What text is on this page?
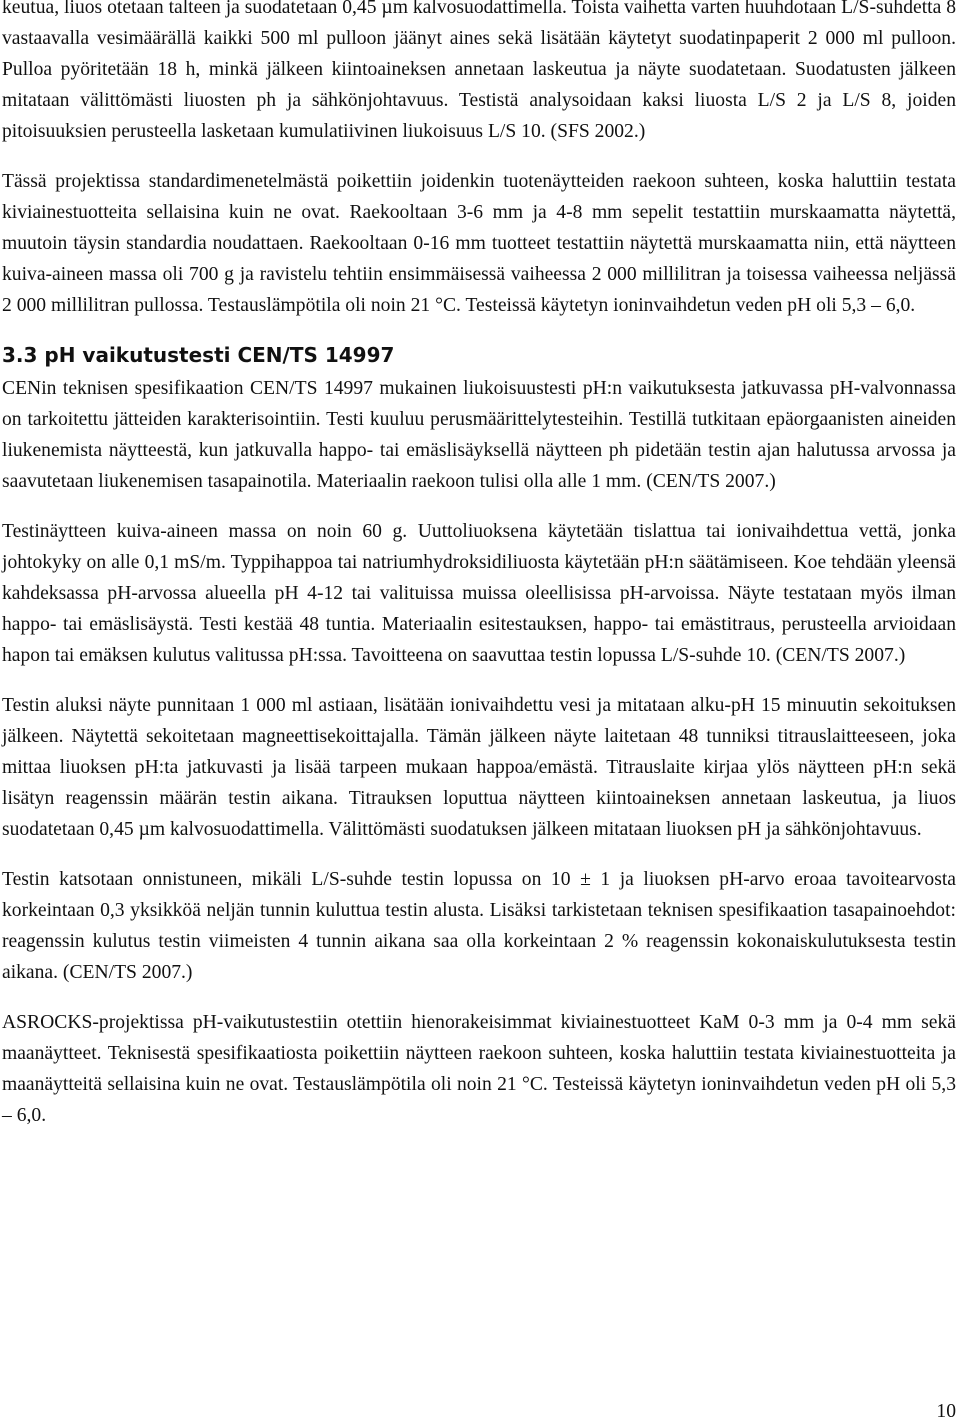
keutua, liuos otetaan talteen ja suodatetaan 0,45 µm kalvosuodattimella. Toista vaihetta varten huuhdotaan L/S-suhdetta 8 vastaavalla vesimäärällä kaikki 500 ml pulloon jäänyt aines sekä lisätään käytetyt suodatinpaperit 2 000 ml pulloon. Pulloa pyöritetään 18 h, minkä jälkeen kiintoaineksen annetaan laskeutua ja näyte suodatetaan. Suodatusten jälkeen mitataan välittömästi liuosten ph ja sähkönjohtavuus. Testistä analysoidaan kaksi liuosta L/S 2 ja L/S 8, joiden pitoisuuksien perusteella lasketaan kumulatiivinen liukoisuus L/S 10. (SFS 2002.)

Tässä projektissa standardimenetelmästä poikettiin joidenkin tuotenäytteiden raekoon suhteen, koska haluttiin testata kiviainestuotteita sellaisina kuin ne ovat. Raekooltaan 3-6 mm ja 4-8 mm sepelit testattiin murskaamatta näytettä, muutoin täysin standardia noudattaen. Raekooltaan 0-16 mm tuotteet testattiin näytettä murskaamatta niin, että näytteen kuiva-aineen massa oli 700 g ja ravistelu tehtiin ensimmäisessä vaiheessa 2 000 millilitran ja toisessa vaiheessa neljässä 2 000 millilitran pullossa. Testauslämpötila oli noin 21 °C. Testeissä käytetyn ioninvaihdetun veden pH oli 5,3 – 6,0.

3.3 pH vaikutustesti CEN/TS 14997

CENin teknisen spesifikaation CEN/TS 14997 mukainen liukoisuustesti pH:n vaikutuksesta jatkuvassa pH-valvonnassa on tarkoitettu jätteiden karakterisointiin. Testi kuuluu perusmäärittelytesteihin. Testillä tutkitaan epäorgaanisten aineiden liukenemista näytteestä, kun jatkuvalla happo- tai emäslisäyksellä näytteen ph pidetään testin ajan halutussa arvossa ja saavutetaan liukenemisen tasapainotila. Materiaalin raekoon tulisi olla alle 1 mm. (CEN/TS 2007.)

Testinäytteen kuiva-aineen massa on noin 60 g. Uuttoliuoksena käytetään tislattua tai ionivaihdettua vettä, jonka johtokyky on alle 0,1 mS/m. Typpihappoa tai natriumhydroksidiliuosta käytetään pH:n säätämiseen. Koe tehdään yleensä kahdeksassa pH-arvossa alueella pH 4-12 tai valituissa muissa oleellisissa pH-arvoissa. Näyte testataan myös ilman happo- tai emäslisäystä. Testi kestää 48 tuntia. Materiaalin esitestauksen, happo- tai emästitraus, perusteella arvioidaan hapon tai emäksen kulutus valitussa pH:ssa. Tavoitteena on saavuttaa testin lopussa L/S-suhde 10. (CEN/TS 2007.)

Testin aluksi näyte punnitaan 1 000 ml astiaan, lisätään ionivaihdettu vesi ja mitataan alku-pH 15 minuutin sekoituksen jälkeen. Näytettä sekoitetaan magneettisekoittajalla. Tämän jälkeen näyte laitetaan 48 tunniksi titrauslaitteeseen, joka mittaa liuoksen pH:ta jatkuvasti ja lisää tarpeen mukaan happoa/emästä. Titrauslaite kirjaa ylös näytteen pH:n sekä lisätyn reagenssin määrän testin aikana. Titrauksen loputtua näytteen kiintoaineksen annetaan laskeutua, ja liuos suodatetaan 0,45 µm kalvosuodattimella. Välittömästi suodatuksen jälkeen mitataan liuoksen pH ja sähkönjohtavuus.

Testin katsotaan onnistuneen, mikäli L/S-suhde testin lopussa on 10 ± 1 ja liuoksen pH-arvo eroaa tavoitearvosta korkeintaan 0,3 yksikköä neljän tunnin kuluttua testin alusta. Lisäksi tarkistetaan teknisen spesifikaation tasapainoehdot: reagenssin kulutus testin viimeisten 4 tunnin aikana saa olla korkeintaan 2 % reagenssin kokonaiskulutuksesta testin aikana. (CEN/TS 2007.)

ASROCKS-projektissa pH-vaikutustestiin otettiin hienorakeisimmat kiviainestuotteet KaM 0-3 mm ja 0-4 mm sekä maanäytteet. Teknisestä spesifikaatiosta poikettiin näytteen raekoon suhteen, koska haluttiin testata kiviainestuotteita ja maanäytteitä sellaisina kuin ne ovat. Testauslämpötila oli noin 21 °C. Testeissä käytetyn ioninvaihdetun veden pH oli 5,3 – 6,0.

10
